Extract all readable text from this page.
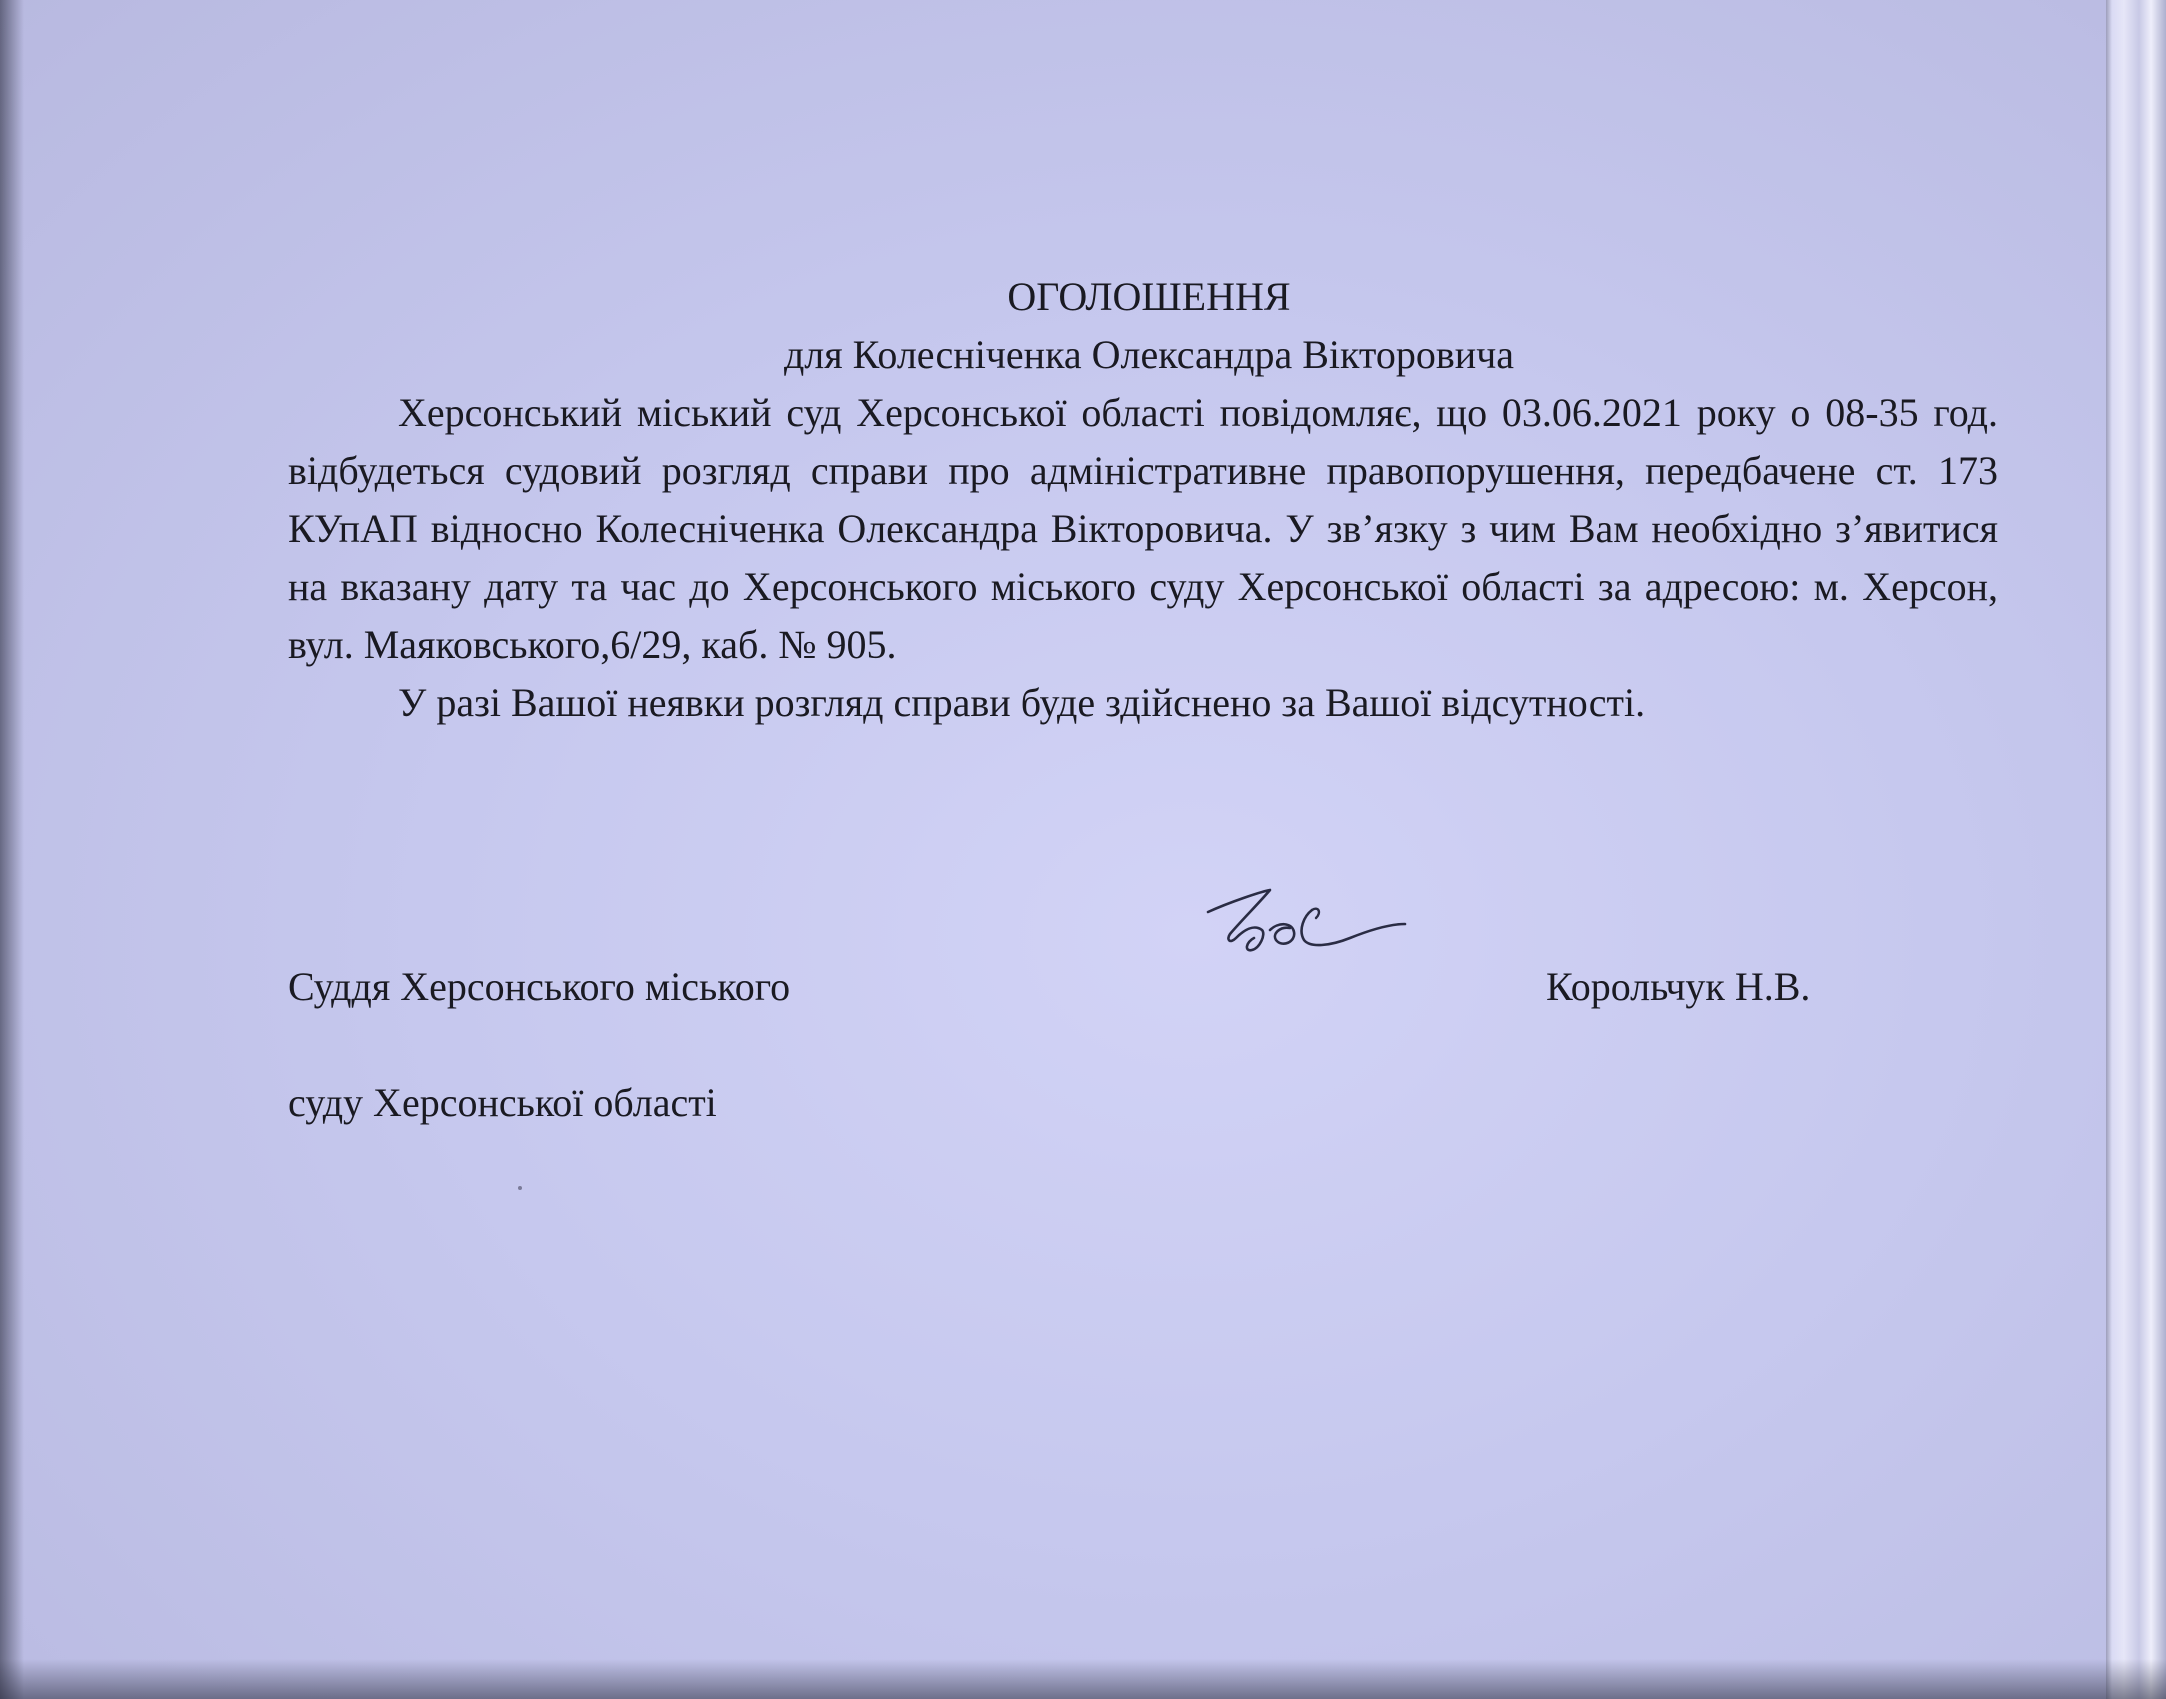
ОГОЛОШЕННЯ

для Колесніченка Олександра Вікторовича

Херсонський міський суд Херсонської області повідомляє, що 03.06.2021 року о 08-35 год. відбудеться судовий розгляд справи про адміністративне правопорушення, передбачене ст. 173 КУпАП відносно Колесніченка Олександра Вікторовича. У зв’язку з чим Вам необхідно з’явитися на вказану дату та час до Херсонського міського суду Херсонської області за адресою: м. Херсон, вул. Маяковського,6/29, каб. № 905.

У разі Вашої неявки розгляд справи буде здійснено за Вашої відсутності.

Суддя Херсонського міського

суду Херсонської області

Корольчук Н.В.
